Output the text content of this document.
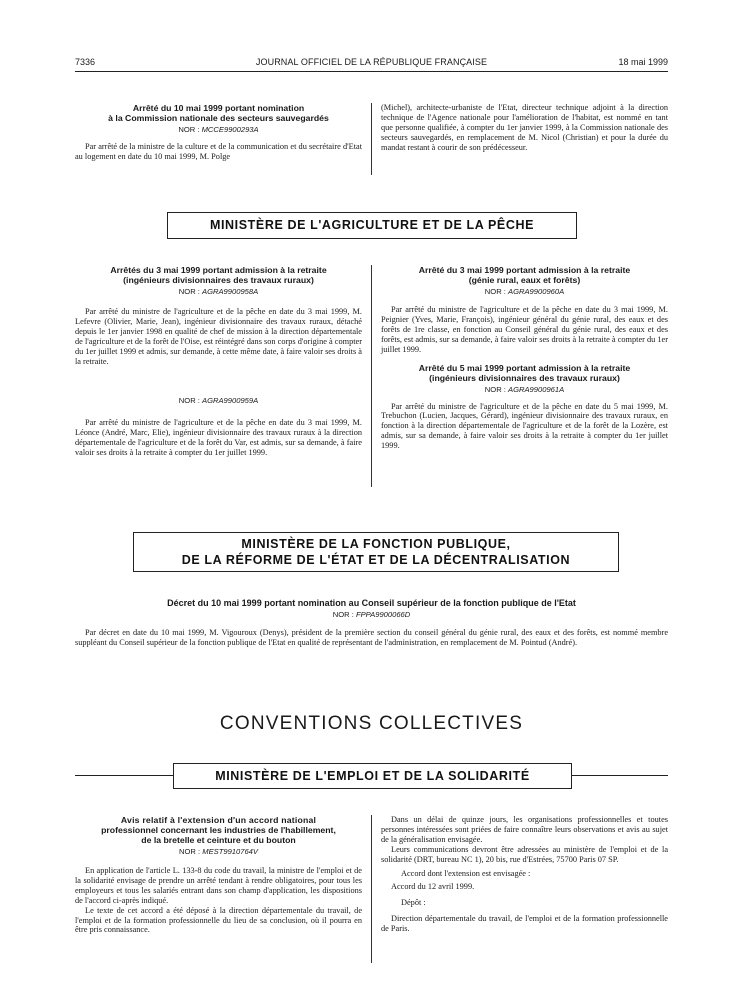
7336	JOURNAL OFFICIEL DE LA RÉPUBLIQUE FRANÇAISE	18 mai 1999

Arrêté du 10 mai 1999 portant nomination

à la Commission nationale des secteurs sauvegardés

NOR : MCCE9900293A

Par arrêté de la ministre de la culture et de la communication et du secrétaire d'Etat au logement en date du 10 mai 1999, M. Polge

(Michel), architecte-urbaniste de l'Etat, directeur technique adjoint à la direction technique de l'Agence nationale pour l'amélioration de l'habitat, est nommé en tant que personne qualifiée, à compter du 1er janvier 1999, à la Commission nationale des secteurs sauvegardés, en remplacement de M. Nicol (Christian) et pour la durée du mandat restant à courir de son prédécesseur.

MINISTÈRE DE L'AGRICULTURE ET DE LA PÊCHE

Arrêtés du 3 mai 1999 portant admission à la retraite

(ingénieurs divisionnaires des travaux ruraux)

NOR : AGRA9900958A

Par arrêté du ministre de l'agriculture et de la pêche en date du 3 mai 1999, M. Lefevre (Olivier, Marie, Jean), ingénieur divisionnaire des travaux ruraux, détaché depuis le 1er janvier 1998 en qualité de chef de mission à la direction départementale de l'agriculture et de la forêt de l'Oise, est réintégré dans son corps d'origine à compter du 1er juillet 1999 et admis, sur demande, à cette même date, à faire valoir ses droits à la retraite.

NOR : AGRA9900959A

Par arrêté du ministre de l'agriculture et de la pêche en date du 3 mai 1999, M. Léonce (André, Marc, Elie), ingénieur divisionnaire des travaux ruraux à la direction départementale de l'agriculture et de la forêt du Var, est admis, sur sa demande, à faire valoir ses droits à la retraite à compter du 1er juillet 1999.

Arrêté du 3 mai 1999 portant admission à la retraite

(génie rural, eaux et forêts)

NOR : AGRA9900960A

Par arrêté du ministre de l'agriculture et de la pêche en date du 3 mai 1999, M. Peignier (Yves, Marie, François), ingénieur général du génie rural, des eaux et des forêts de 1re classe, en fonction au Conseil général du génie rural, des eaux et des forêts, est admis, sur sa demande, à faire valoir ses droits à la retraite à compter du 1er juillet 1999.

Arrêté du 5 mai 1999 portant admission à la retraite

(ingénieurs divisionnaires des travaux ruraux)

NOR : AGRA9900961A

Par arrêté du ministre de l'agriculture et de la pêche en date du 5 mai 1999, M. Trebuchon (Lucien, Jacques, Gérard), ingénieur divisionnaire des travaux ruraux, en fonction à la direction départementale de l'agriculture et de la forêt de la Lozère, est admis, sur sa demande, à faire valoir ses droits à la retraite à compter du 1er juillet 1999.

MINISTÈRE DE LA FONCTION PUBLIQUE,
DE LA RÉFORME DE L'ÉTAT ET DE LA DÉCENTRALISATION

Décret du 10 mai 1999 portant nomination au Conseil supérieur de la fonction publique de l'Etat

NOR : FPPA9900066D

Par décret en date du 10 mai 1999, M. Vigouroux (Denys), président de la première section du conseil général du génie rural, des eaux et des forêts, est nommé membre suppléant du Conseil supérieur de la fonction publique de l'Etat en qualité de représentant de l'administration, en remplacement de M. Pointud (André).

CONVENTIONS COLLECTIVES
MINISTÈRE DE L'EMPLOI ET DE LA SOLIDARITÉ

Avis relatif à l'extension d'un accord national

professionnel concernant les industries de l'habillement,

de la bretelle et ceinture et du bouton

NOR : MEST9910764V

En application de l'article L. 133-8 du code du travail, la ministre de l'emploi et de la solidarité envisage de prendre un arrêté tendant à rendre obligatoires, pour tous les employeurs et tous les salariés entrant dans son champ d'application, les dispositions de l'accord ci-après indiqué.

Le texte de cet accord a été déposé à la direction départementale du travail, de l'emploi et de la formation professionnelle du lieu de sa conclusion, où il pourra en être pris connaissance.

Dans un délai de quinze jours, les organisations professionnelles et toutes personnes intéressées sont priées de faire connaître leurs observations et avis au sujet de la généralisation envisagée.

Leurs communications devront être adressées au ministère de l'emploi et de la solidarité (DRT, bureau NC 1), 20 bis, rue d'Estrées, 75700 Paris 07 SP.

Accord dont l'extension est envisagée :

Accord du 12 avril 1999.

Dépôt :

Direction départementale du travail, de l'emploi et de la formation professionnelle de Paris.
